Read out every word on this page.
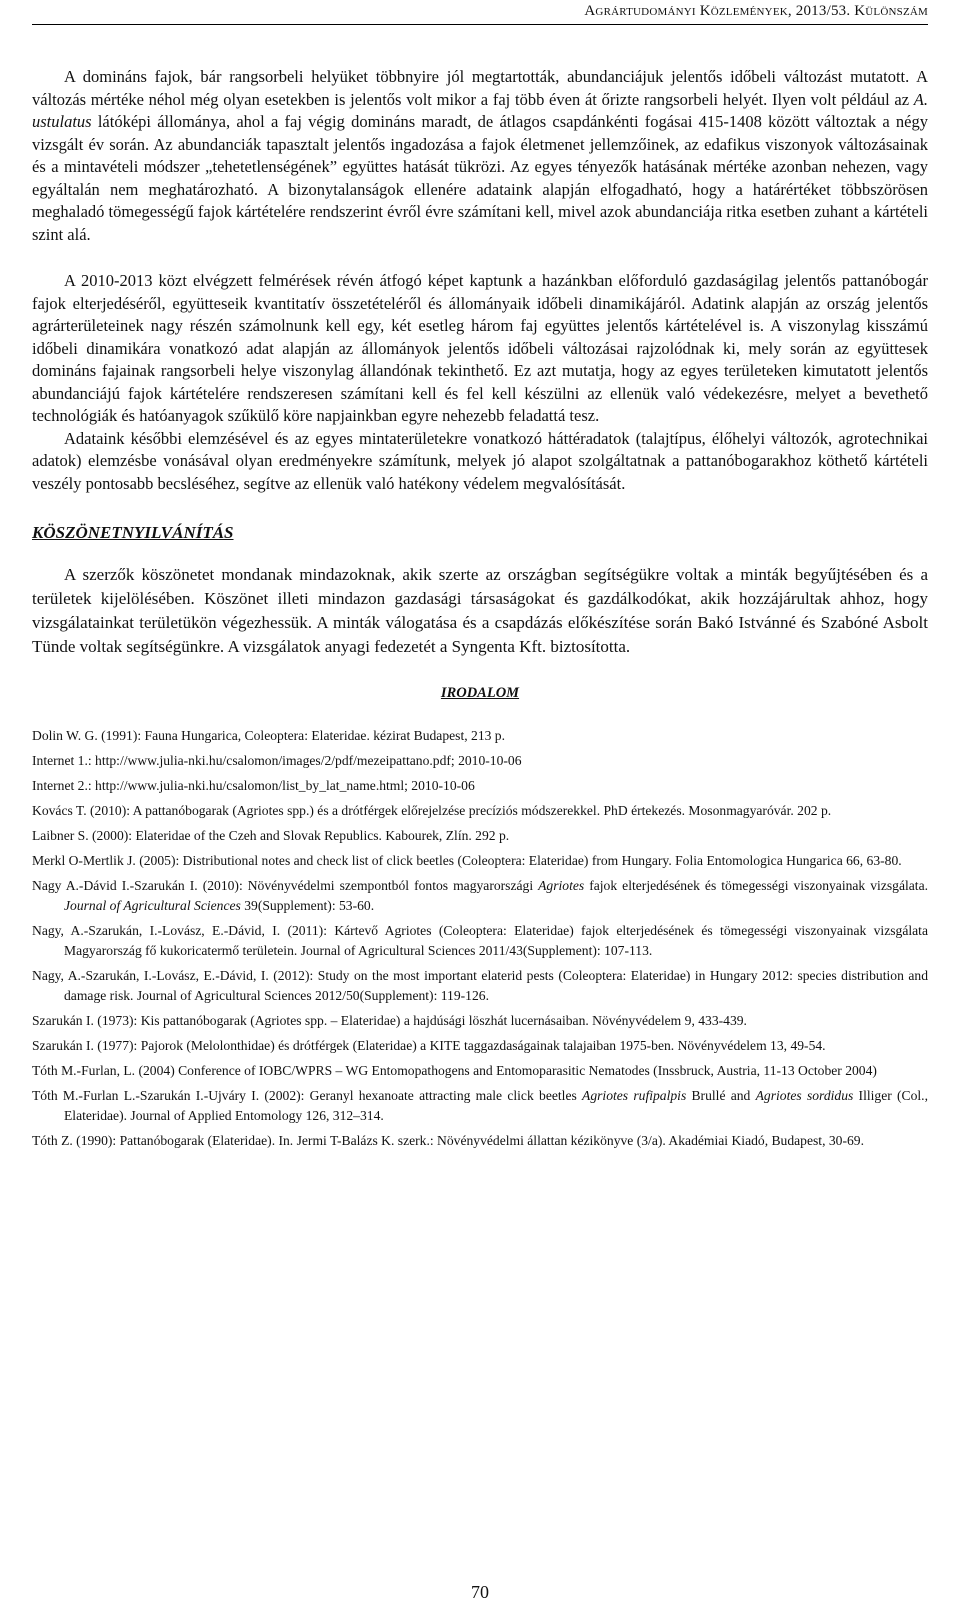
Agrártudományi Közlemények, 2013/53. Különszám

A domináns fajok, bár rangsorbeli helyüket többnyire jól megtartották, abundanciájuk jelentős időbeli változást mutatott. A változás mértéke néhol még olyan esetekben is jelentős volt mikor a faj több éven át őrizte rangsorbeli helyét. Ilyen volt például az A. ustulatus látóképi állománya, ahol a faj végig domináns maradt, de átlagos csapdánkénti fogásai 415-1408 között változtak a négy vizsgált év során. Az abundanciák tapasztalt jelentős ingadozása a fajok életmenet jellemzőinek, az edafikus viszonyok változásainak és a mintavételi módszer „tehetetlenségének” együttes hatását tükrözi. Az egyes tényezők hatásának mértéke azonban nehezen, vagy egyáltalán nem meghatározható. A bizonytalanságok ellenére adataink alapján elfogadható, hogy a határértéket többszörösen meghaladó tömegességű fajok kártételére rendszerint évről évre számítani kell, mivel azok abundanciája ritka esetben zuhant a kártételi szint alá.

A 2010-2013 közt elvégzett felmérések révén átfogó képet kaptunk a hazánkban előforduló gazdaságilag jelentős pattanóbogár fajok elterjedéséről, együtteseik kvantitatív összetételéről és állományaik időbeli dinamikájáról. Adatink alapján az ország jelentős agrárterületeinek nagy részén számolnunk kell egy, két esetleg három faj együttes jelentős kártételével is. A viszonylag kisszámú időbeli dinamikára vonatkozó adat alapján az állományok jelentős időbeli változásai rajzolódnak ki, mely során az együttesek domináns fajainak rangsorbeli helye viszonylag állandónak tekinthető. Ez azt mutatja, hogy az egyes területeken kimutatott jelentős abundanciájú fajok kártételére rendszeresen számítani kell és fel kell készülni az ellenük való védekezésre, melyet a bevethető technológiák és hatóanyagok szűkülő köre napjainkban egyre nehezebb feladattá tesz.

Adataink későbbi elemzésével és az egyes mintaterületekre vonatkozó háttéradatok (talajtípus, élőhelyi változók, agrotechnikai adatok) elemzésbe vonásával olyan eredményekre számítunk, melyek jó alapot szolgáltatnak a pattanóbogarakhoz köthető kártételi veszély pontosabb becsléséhez, segítve az ellenük való hatékony védelem megvalósítását.

KÖSZÖNETNYILVÁNÍTÁS

A szerzők köszönetet mondanak mindazoknak, akik szerte az országban segítségükre voltak a minták begyűjtésében és a területek kijelölésében. Köszönet illeti mindazon gazdasági társaságokat és gazdálkodókat, akik hozzájárultak ahhoz, hogy vizsgálatainkat területükön végezhessük. A minták válogatása és a csapdázás előkészítése során Bakó Istvánné és Szabóné Asbolt Tünde voltak segítségünkre. A vizsgálatok anyagi fedezetét a Syngenta Kft. biztosította.

IRODALOM

Dolin W. G. (1991): Fauna Hungarica, Coleoptera: Elateridae. kézirat Budapest, 213 p.

Internet 1.: http://www.julia-nki.hu/csalomon/images/2/pdf/mezeipattano.pdf; 2010-10-06

Internet 2.: http://www.julia-nki.hu/csalomon/list_by_lat_name.html; 2010-10-06

Kovács T. (2010): A pattanóbogarak (Agriotes spp.) és a drótférgek előrejelzése precíziós módszerekkel. PhD értekezés. Mosonmagyaróvár. 202 p.

Laibner S. (2000): Elateridae of the Czeh and Slovak Republics. Kabourek, Zlín. 292 p.

Merkl O-Mertlik J. (2005): Distributional notes and check list of click beetles (Coleoptera: Elateridae) from Hungary. Folia Entomologica Hungarica 66, 63-80.

Nagy A.-Dávid I.-Szarukán I. (2010): Növényvédelmi szempontból fontos magyarországi Agriotes fajok elterjedésének és tömegességi viszonyainak vizsgálata. Journal of Agricultural Sciences 39(Supplement): 53-60.

Nagy, A.-Szarukán, I.-Lovász, E.-Dávid, I. (2011): Kártevő Agriotes (Coleoptera: Elateridae) fajok elterjedésének és tömegességi viszonyainak vizsgálata Magyarország fő kukoricatermő területein. Journal of Agricultural Sciences 2011/43(Supplement): 107-113.

Nagy, A.-Szarukán, I.-Lovász, E.-Dávid, I. (2012): Study on the most important elaterid pests (Coleoptera: Elateridae) in Hungary 2012: species distribution and damage risk. Journal of Agricultural Sciences 2012/50(Supplement): 119-126.

Szarukán I. (1973): Kis pattanóbogarak (Agriotes spp. – Elateridae) a hajdúsági löszhát lucernásaiban. Növényvédelem 9, 433-439.

Szarukán I. (1977): Pajorok (Melolonthidae) és drótférgek (Elateridae) a KITE taggazdaságainak talajaiban 1975-ben. Növényvédelem 13, 49-54.

Tóth M.-Furlan, L. (2004) Conference of IOBC/WPRS – WG Entomopathogens and Entomoparasitic Nematodes (Inssbruck, Austria, 11-13 October 2004)

Tóth M.-Furlan L.-Szarukán I.-Ujváry I. (2002): Geranyl hexanoate attracting male click beetles Agriotes rufipalpis Brullé and Agriotes sordidus Illiger (Col., Elateridae). Journal of Applied Entomology 126, 312–314.

Tóth Z. (1990): Pattanóbogarak (Elateridae). In. Jermi T-Balázs K. szerk.: Növényvédelmi állattan kézikönyve (3/a). Akadémiai Kiadó, Budapest, 30-69.

70
